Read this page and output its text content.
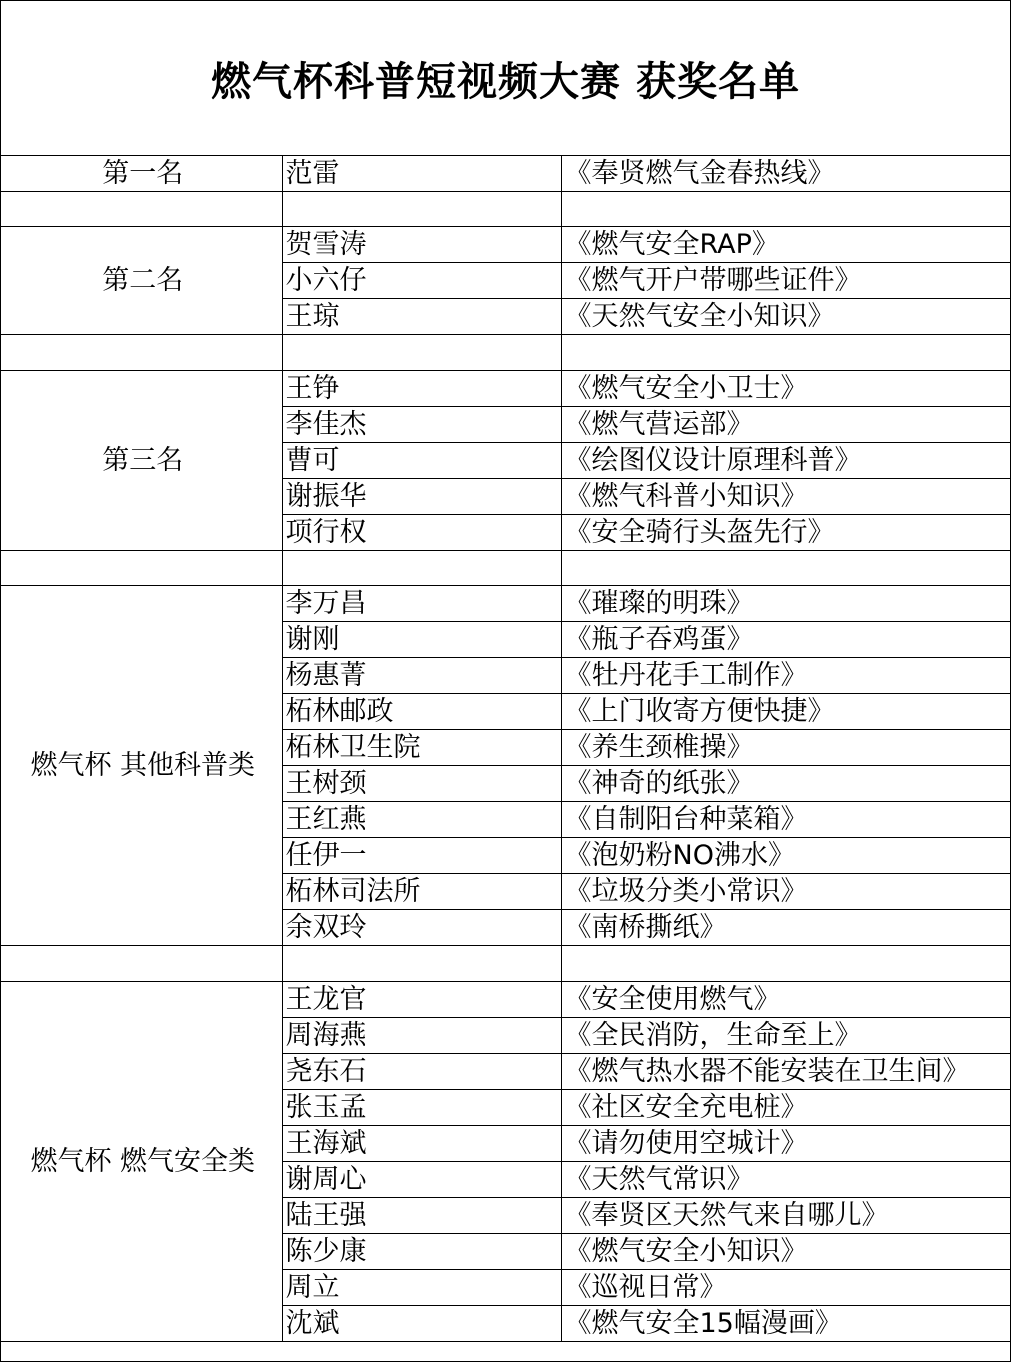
燃气杯科普短视频大赛 获奖名单
第一名	范雷	《奉贤燃气金春热线》

第二名	贺雪涛	《燃气安全RAP》
	小六仔	《燃气开户带哪些证件》
	王琼	《天然气安全小知识》

第三名	王铮	《燃气安全小卫士》
	李佳杰	《燃气营运部》
	曹可	《绘图仪设计原理科普》
	谢振华	《燃气科普小知识》
	项行权	《安全骑行头盔先行》

燃气杯 其他科普类	李万昌	《璀璨的明珠》
	谢刚	《瓶子吞鸡蛋》
	杨惠菁	《牡丹花手工制作》
	柘林邮政	《上门收寄方便快捷》
	柘林卫生院	《养生颈椎操》
	王树颈	《神奇的纸张》
	王红燕	《自制阳台种菜箱》
	任伊一	《泡奶粉NO沸水》
	柘林司法所	《垃圾分类小常识》
	余双玲	《南桥撕纸》

燃气杯 燃气安全类	王龙官	《安全使用燃气》
	周海燕	《全民消防，生命至上》
	尧东石	《燃气热水器不能安装在卫生间》
	张玉孟	《社区安全充电桩》
	王海斌	《请勿使用空城计》
	谢周心	《天然气常识》
	陆王强	《奉贤区天然气来自哪儿》
	陈少康	《燃气安全小知识》
	周立	《巡视日常》
	沈斌	《燃气安全15幅漫画》
